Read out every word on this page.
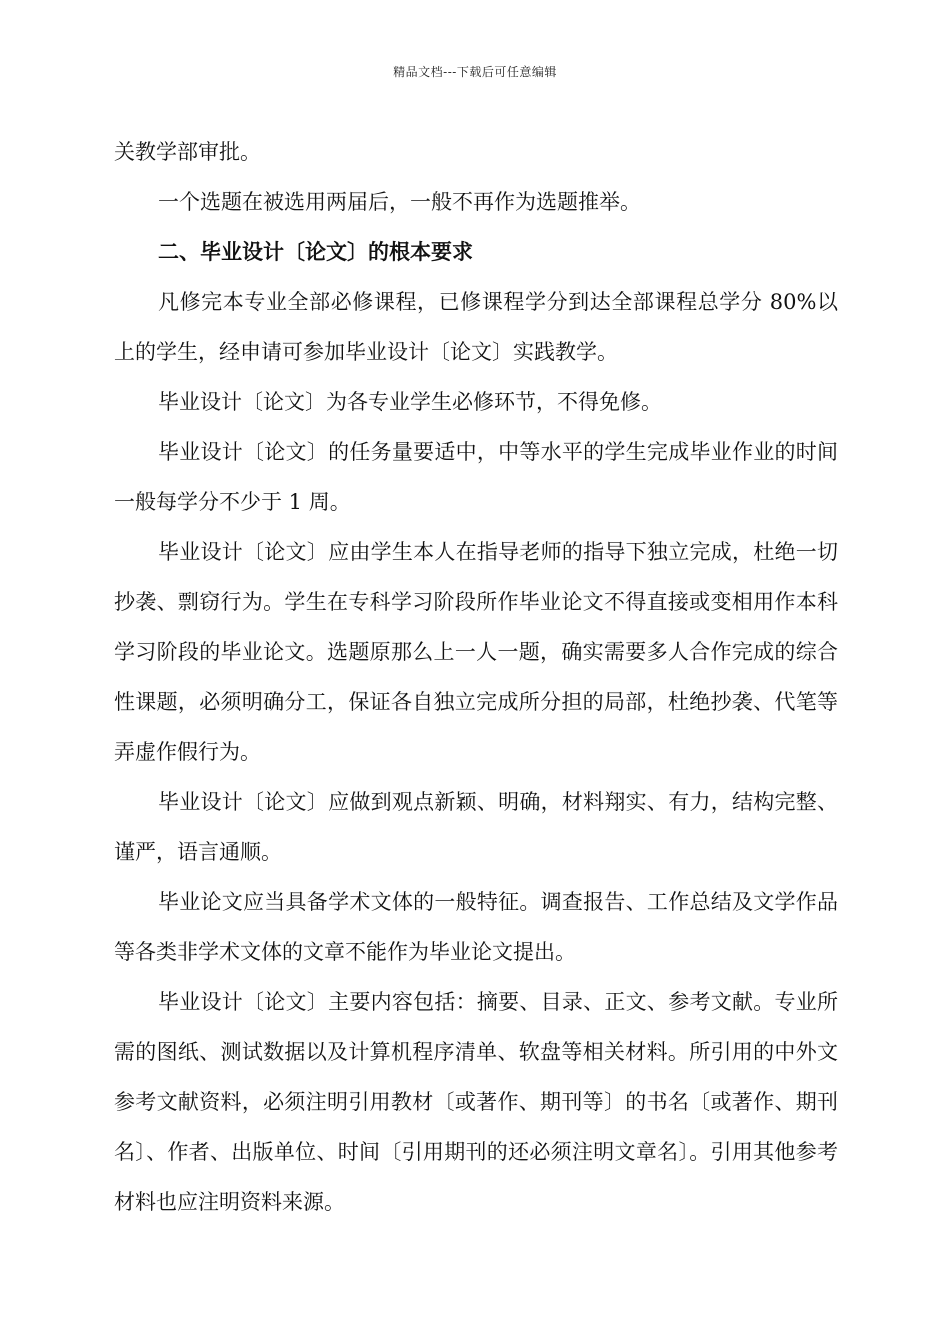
精品文档---下载后可任意编辑

关教学部审批。

一个选题在被选用两届后，一般不再作为选题推举。

二、毕业设计〔论文〕的根本要求

凡修完本专业全部必修课程，已修课程学分到达全部课程总学分 80%以上的学生，经申请可参加毕业设计〔论文〕实践教学。

毕业设计〔论文〕为各专业学生必修环节，不得免修。

毕业设计〔论文〕的任务量要适中，中等水平的学生完成毕业作业的时间一般每学分不少于 1 周。

毕业设计〔论文〕应由学生本人在指导老师的指导下独立完成，杜绝一切抄袭、剽窃行为。学生在专科学习阶段所作毕业论文不得直接或变相用作本科学习阶段的毕业论文。选题原那么上一人一题，确实需要多人合作完成的综合性课题，必须明确分工，保证各自独立完成所分担的局部，杜绝抄袭、代笔等弄虚作假行为。

毕业设计〔论文〕应做到观点新颖、明确，材料翔实、有力，结构完整、谨严，语言通顺。

毕业论文应当具备学术文体的一般特征。调查报告、工作总结及文学作品等各类非学术文体的文章不能作为毕业论文提出。

毕业设计〔论文〕主要内容包括：摘要、目录、正文、参考文献。专业所需的图纸、测试数据以及计算机程序清单、软盘等相关材料。所引用的中外文参考文献资料，必须注明引用教材〔或著作、期刊等〕的书名〔或著作、期刊名〕、作者、出版单位、时间〔引用期刊的还必须注明文章名〕。引用其他参考材料也应注明资料来源。
